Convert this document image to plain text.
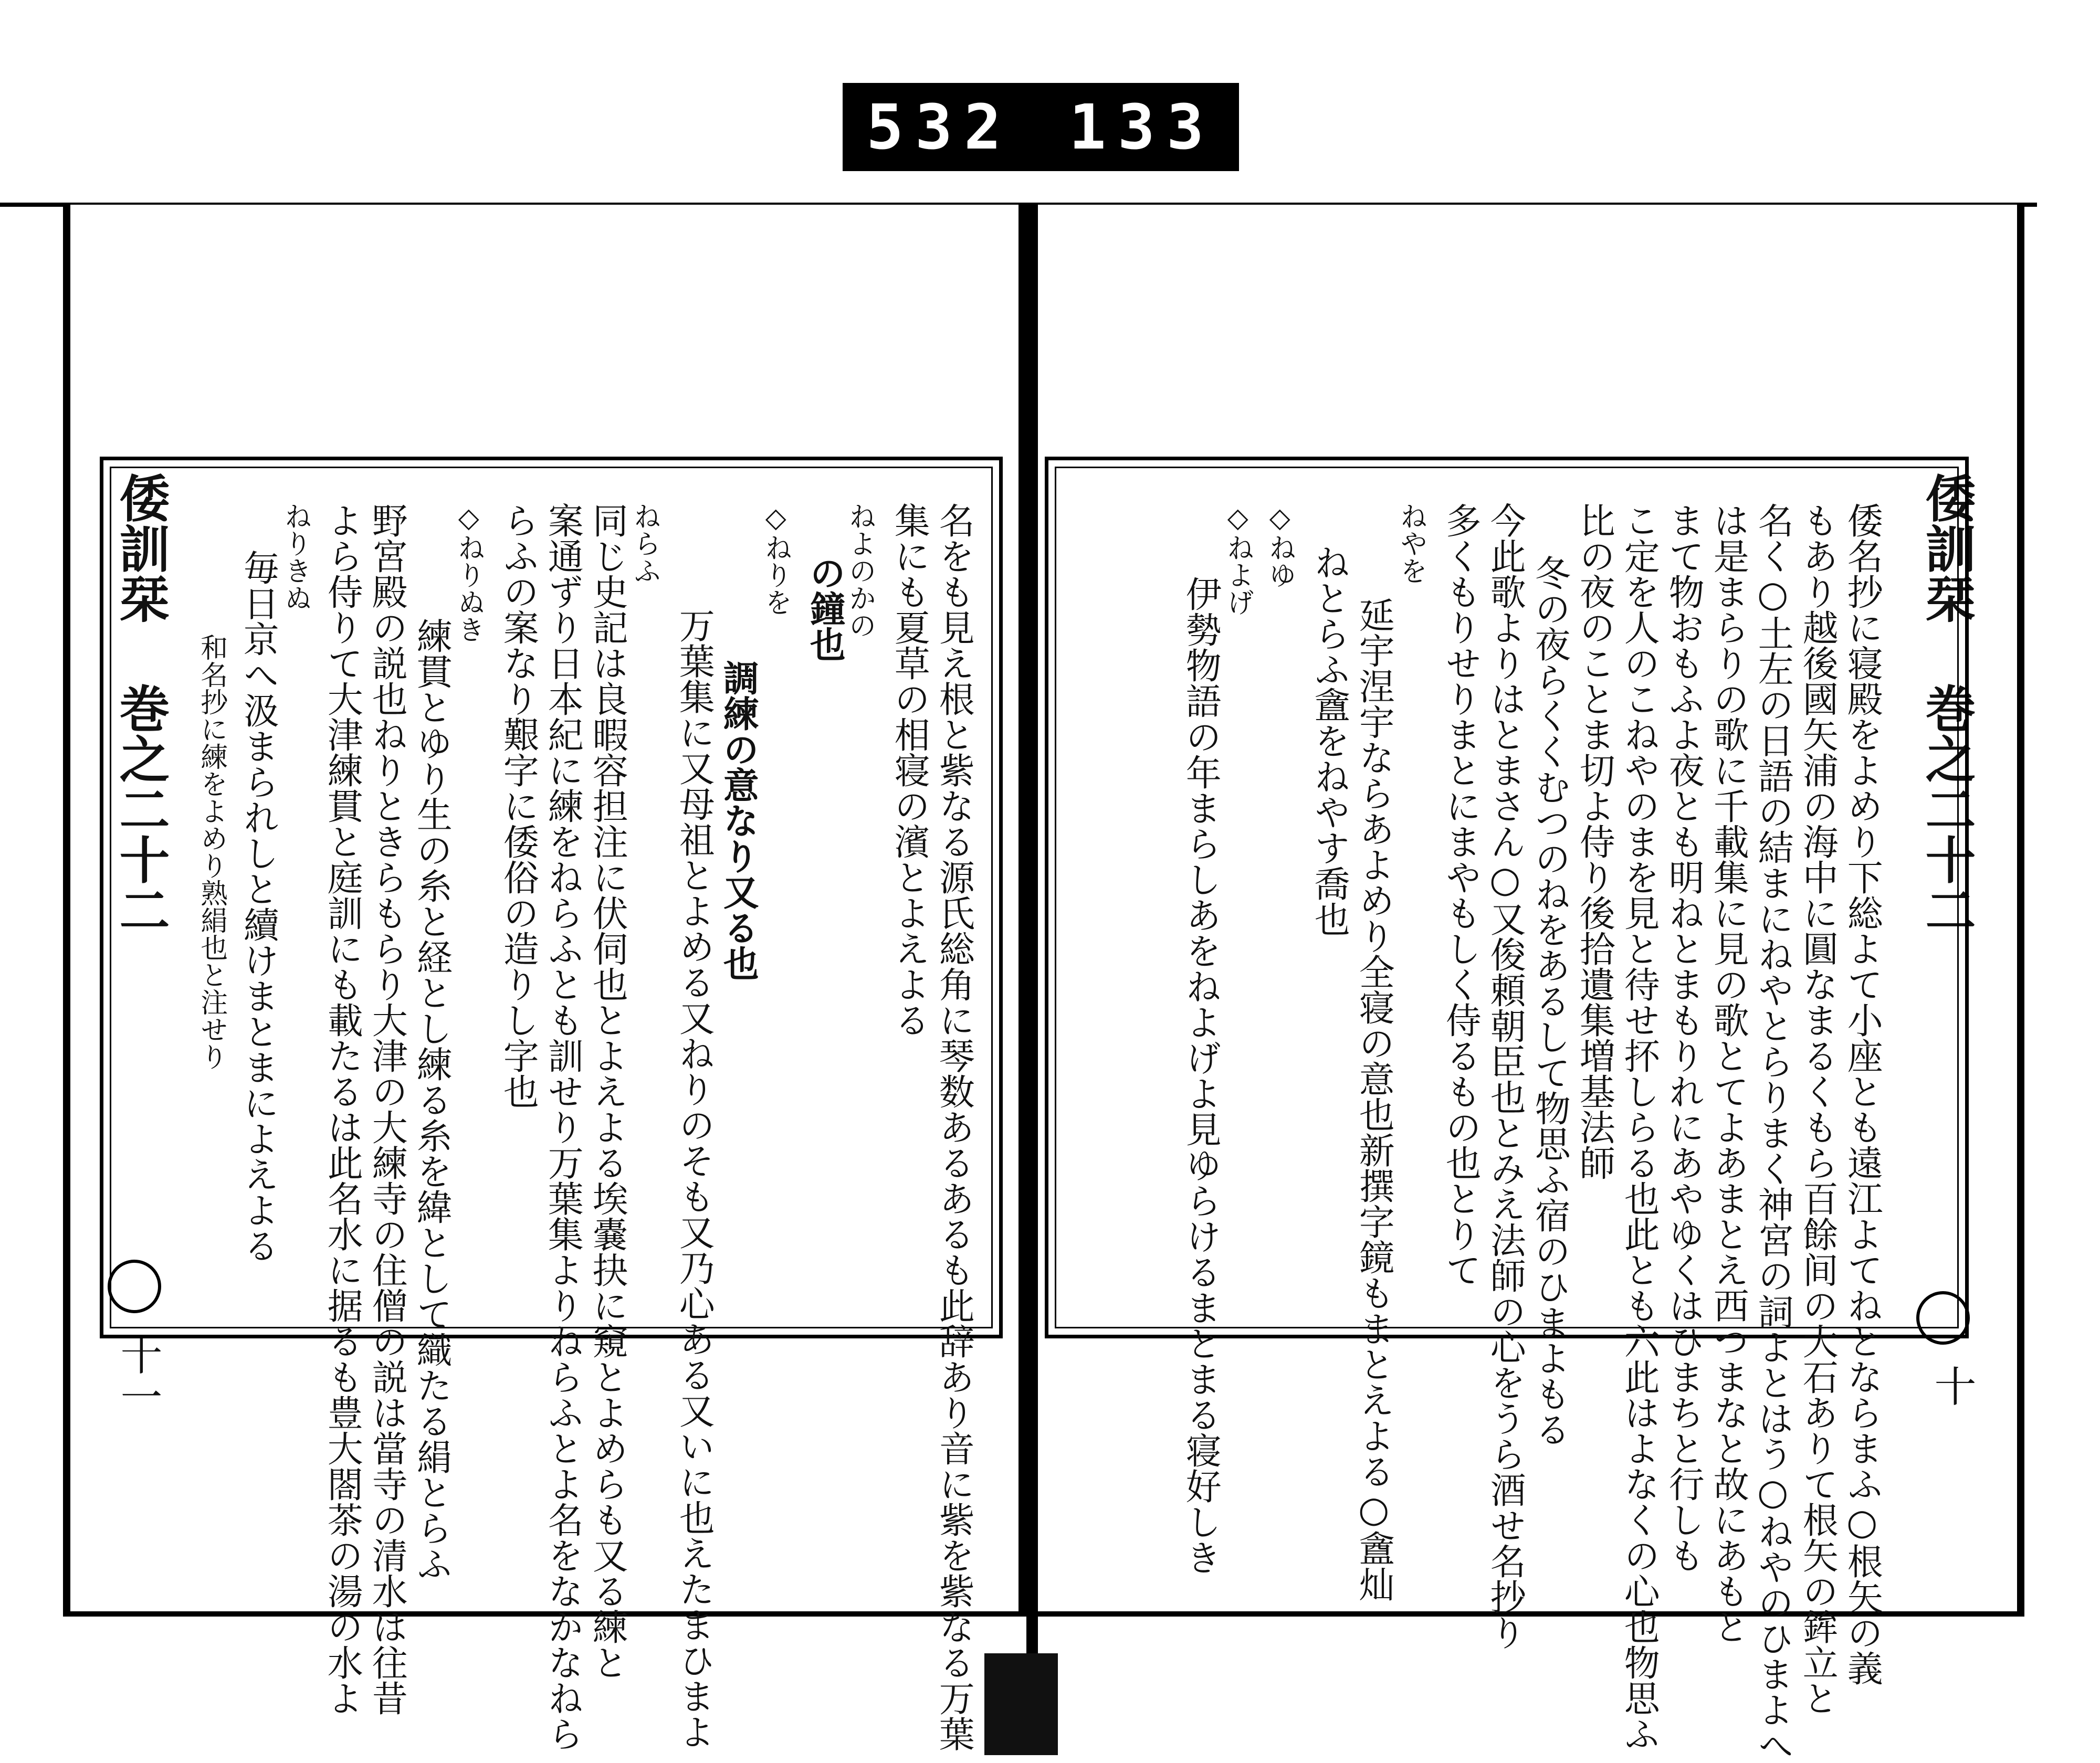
532 133
倭訓栞 巻之二十二
十一	名をも見え根と紫なる源氏総角に琴数あるあるも此辞あり音に紫を紫なる万葉
集にも夏草の相寝の濱とよえよる
ねよのかの
の鐘也
◇ねりを
調練の意なり又る也
万葉集に又母祖とよめる又ねりのそも又乃心ある又いに也えたまひまよ
ねらふ
同じ史記は良暇容担注に伏伺也とよえよる埃嚢抉に窺とよめらも又る練と
案通ずり日本紀に練をねらふとも訓せり万葉集よりねらふとよ名をなかなねら
らふの案なり艱字に倭俗の造りし字也
◇ねりぬき
練貫とゆり生の糸と経とし練る糸を緯として織たる絹とらふ
野宮殿の説也ねりときらもらり大津の大練寺の住僧の説は當寺の清水は往昔
よら侍りて大津練貫と庭訓にも載たるは此名水に据るも豊大閤茶の湯の水よ
ねりきぬ
毎日京へ汲まられしと續けまとまによえよる
和名抄に練をよめり熟絹也と注せり	倭訓栞 巻之二十二
十
倭名抄に寝殿をよめり下総よて小座とも遠江よてねとならまふ○根矢の義
もあり越後國矢浦の海中に圓なまるくもら百餘间の大石ありて根矢の鉾立と
名く○土左の日語の結まにねやとらりまく神宮の詞よとはう○ねやのひまよへ
は是まらりの歌に千載集に見の歌とてよあまとえ西つまなと故にあもと
まて物おもふよ夜とも明ねとまもりれにあやゆくはひまちと行しも
こ定を人のこねやのまを見と待せ抔しらる也此とも六此はよなくの心也物思ふ
比の夜のことま切よ侍り後拾遺集増基法師
冬の夜らくくむつのねをあるして物思ふ宿のひまよもる
今此歌よりはとまさん○又俊頼朝臣也とみえ法師の心をうら酒せ名抄り
多くもりせりまとにまやもしく侍るもの也とりて
ねやを
延宇涅宇ならあよめり全寝の意也新撰字鏡もまとえよる○盦灿
ねとらふ盦をねやす喬也
◇ねゆ
◇ねよげ
伊勢物語の年まらしあをねよげよ見ゆらけるまとまる寝好しき
